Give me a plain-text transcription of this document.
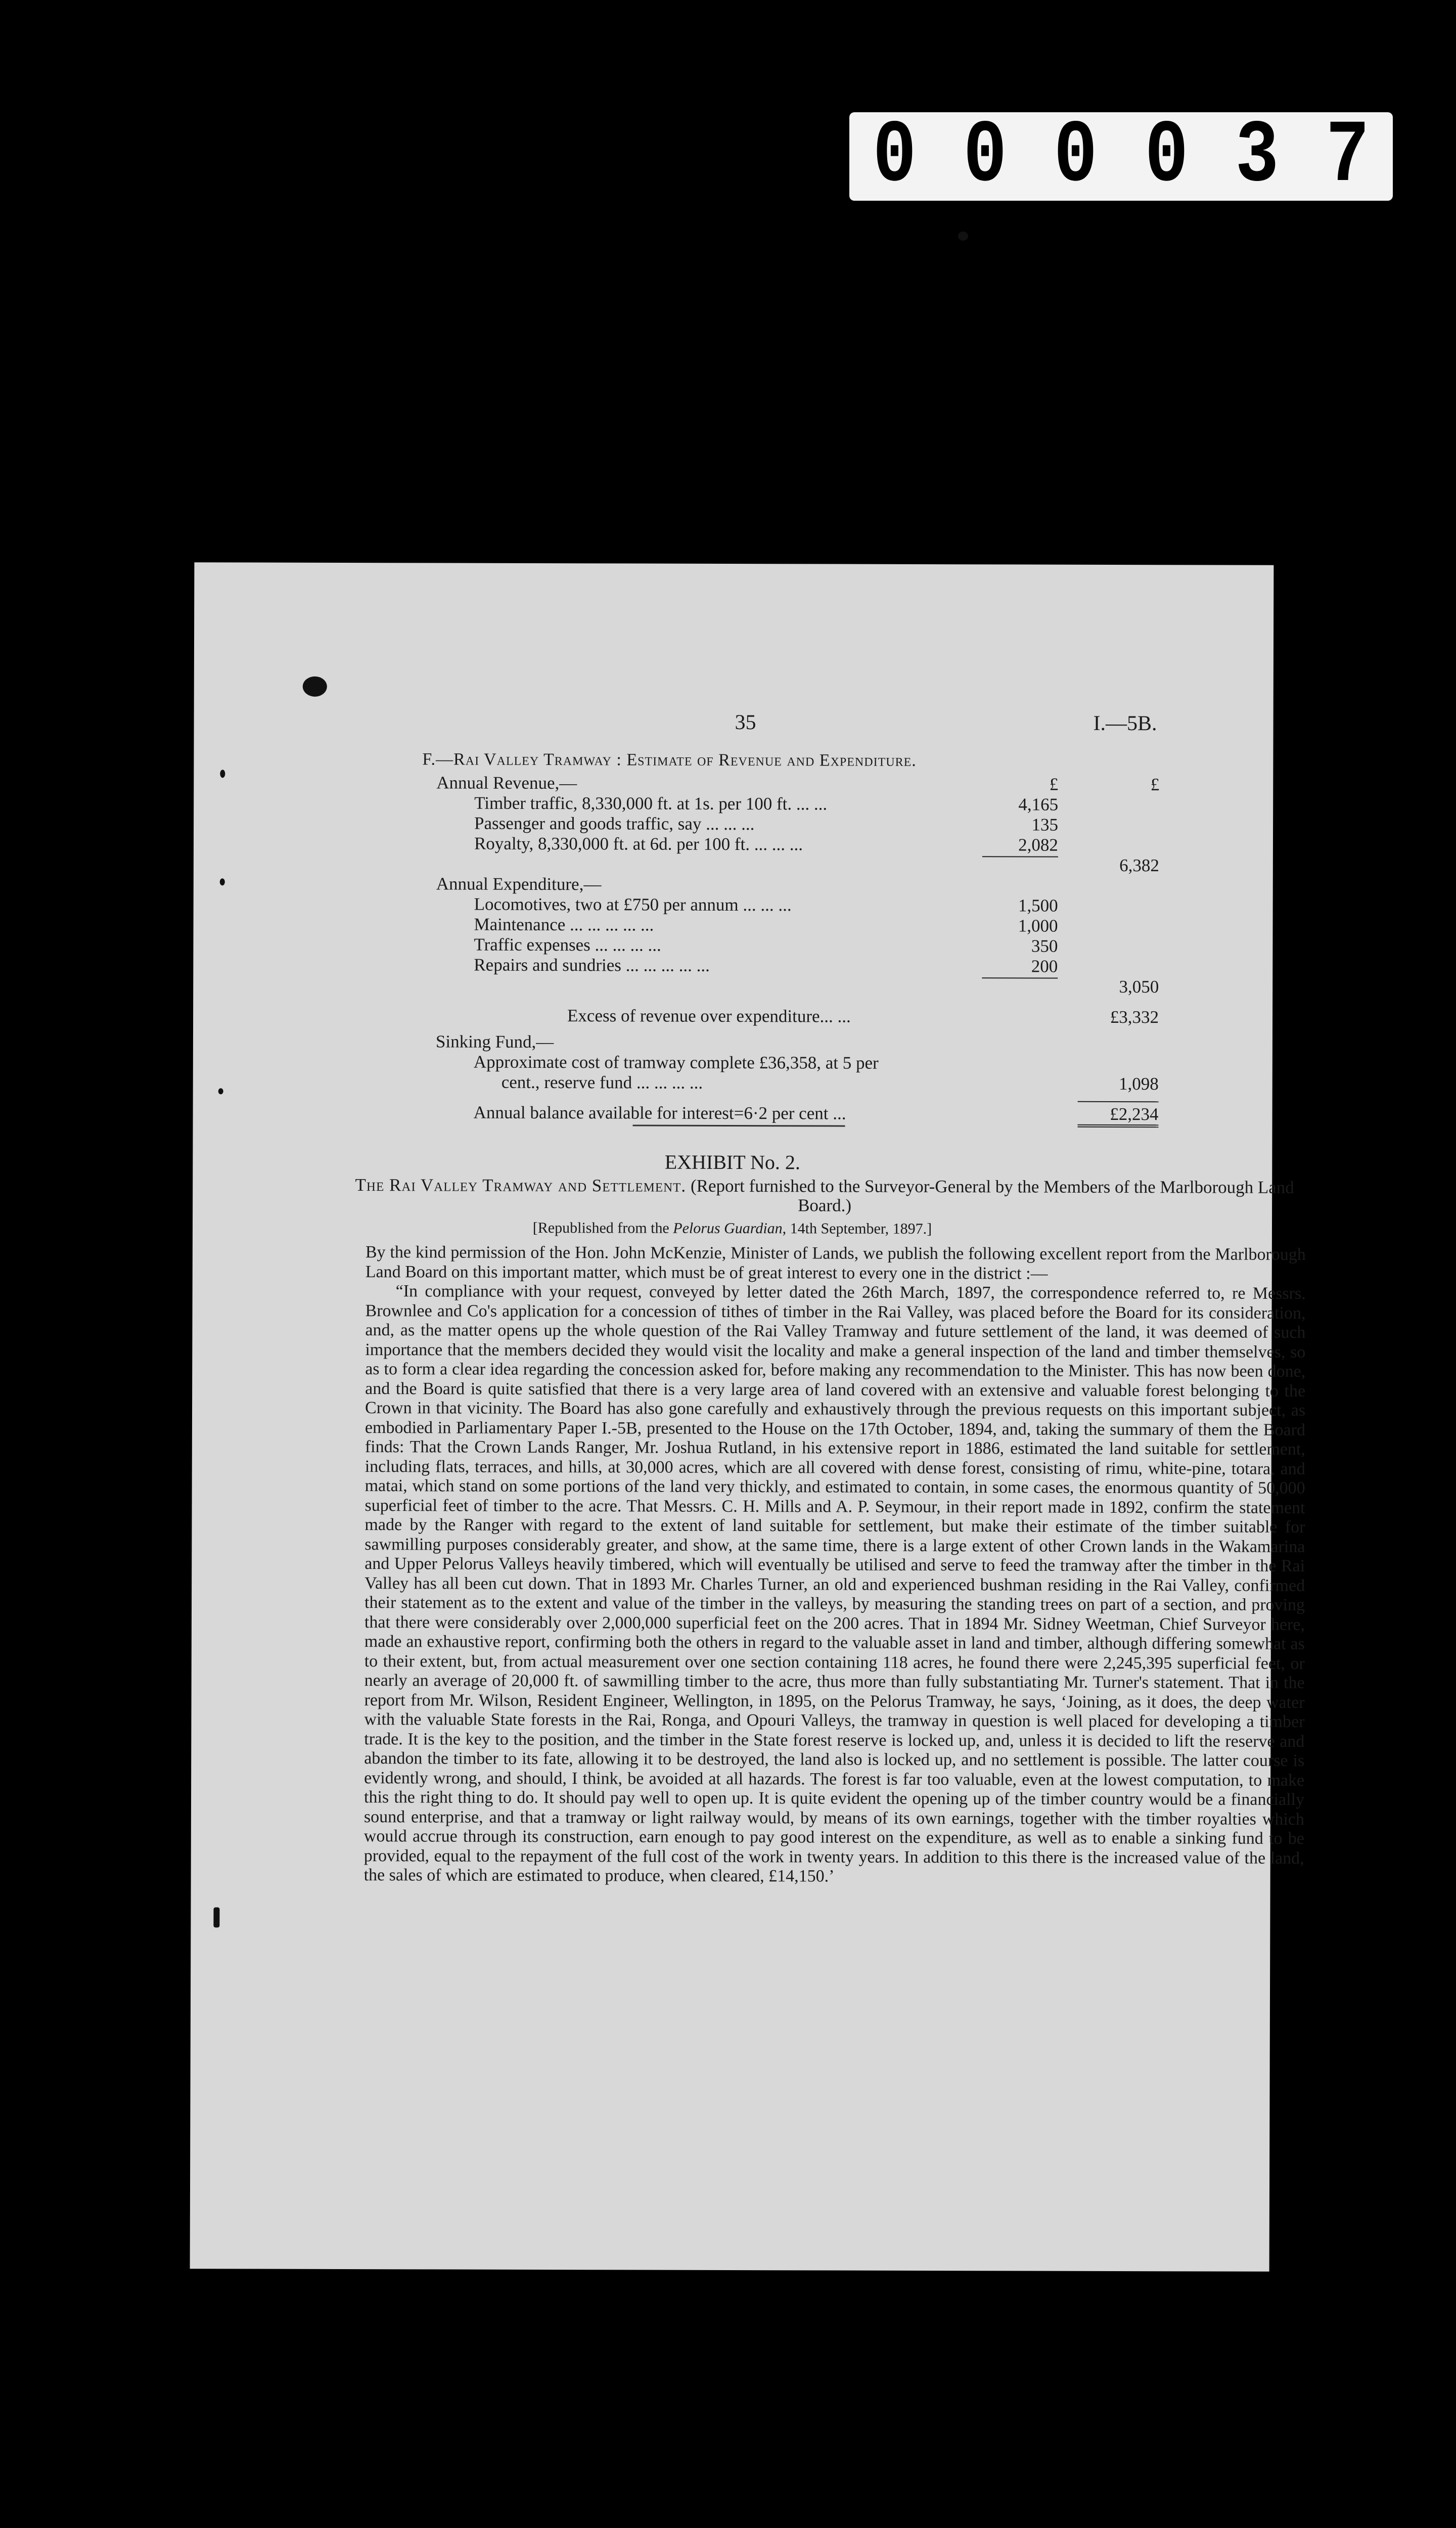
0 0 0 0 3 7
35	I.—5B.
F.—Rai Valley Tramway : Estimate of Revenue and Expenditure.
Annual Revenue,—	£	£
Timber traffic, 8,330,000 ft. at 1s. per 100 ft. ... ...	4,165
Passenger and goods traffic, say ... ... ...	135
Royalty, 8,330,000 ft. at 6d. per 100 ft. ... ... ...	2,082
6,382
Annual Expenditure,—
Locomotives, two at £750 per annum ... ... ...	1,500
Maintenance ... ... ... ... ...	1,000
Traffic expenses ... ... ... ...	350
Repairs and sundries ... ... ... ... ...	200
3,050
Excess of revenue over expenditure... ...	£3,332
Sinking Fund,—
Approximate cost of tramway complete £36,358, at 5 per
cent., reserve fund ... ... ... ...	1,098
Annual balance available for interest=6·2 per cent ...	£2,234
EXHIBIT No. 2.
The Rai Valley Tramway and Settlement. (Report furnished to the Surveyor-General by the Members of the Marlborough Land Board.)
[Republished from the Pelorus Guardian, 14th September, 1897.]

By the kind permission of the Hon. John McKenzie, Minister of Lands, we publish the following excellent report from the Marlborough Land Board on this important matter, which must be of great interest to every one in the district :—

“In compliance with your request, conveyed by letter dated the 26th March, 1897, the correspondence referred to, re Messrs. Brownlee and Co's application for a concession of tithes of timber in the Rai Valley, was placed before the Board for its consideration, and, as the matter opens up the whole question of the Rai Valley Tramway and future settlement of the land, it was deemed of such importance that the members decided they would visit the locality and make a general inspection of the land and timber themselves, so as to form a clear idea regarding the concession asked for, before making any recommendation to the Minister. This has now been done, and the Board is quite satisfied that there is a very large area of land covered with an extensive and valuable forest belonging to the Crown in that vicinity. The Board has also gone carefully and exhaustively through the previous requests on this important subject, as embodied in Parliamentary Paper I.-5B, presented to the House on the 17th October, 1894, and, taking the summary of them the Board finds: That the Crown Lands Ranger, Mr. Joshua Rutland, in his extensive report in 1886, estimated the land suitable for settlement, including flats, terraces, and hills, at 30,000 acres, which are all covered with dense forest, consisting of rimu, white-pine, totara, and matai, which stand on some portions of the land very thickly, and estimated to contain, in some cases, the enormous quantity of 50,000 superficial feet of timber to the acre. That Messrs. C. H. Mills and A. P. Seymour, in their report made in 1892, confirm the statement made by the Ranger with regard to the extent of land suitable for settlement, but make their estimate of the timber suitable for sawmilling purposes considerably greater, and show, at the same time, there is a large extent of other Crown lands in the Wakamarina and Upper Pelorus Valleys heavily timbered, which will eventually be utilised and serve to feed the tramway after the timber in the Rai Valley has all been cut down. That in 1893 Mr. Charles Turner, an old and experienced bushman residing in the Rai Valley, confirmed their statement as to the extent and value of the timber in the valleys, by measuring the standing trees on part of a section, and proving that there were considerably over 2,000,000 superficial feet on the 200 acres. That in 1894 Mr. Sidney Weetman, Chief Surveyor here, made an exhaustive report, confirming both the others in regard to the valuable asset in land and timber, although differing somewhat as to their extent, but, from actual measurement over one section containing 118 acres, he found there were 2,245,395 superficial feet, or nearly an average of 20,000 ft. of sawmilling timber to the acre, thus more than fully substantiating Mr. Turner's statement. That in the report from Mr. Wilson, Resident Engineer, Wellington, in 1895, on the Pelorus Tramway, he says, ‘Joining, as it does, the deep water with the valuable State forests in the Rai, Ronga, and Opouri Valleys, the tramway in question is well placed for developing a timber trade. It is the key to the position, and the timber in the State forest reserve is locked up, and, unless it is decided to lift the reserve and abandon the timber to its fate, allowing it to be destroyed, the land also is locked up, and no settlement is possible. The latter course is evidently wrong, and should, I think, be avoided at all hazards. The forest is far too valuable, even at the lowest computation, to make this the right thing to do. It should pay well to open up. It is quite evident the opening up of the timber country would be a financially sound enterprise, and that a tramway or light railway would, by means of its own earnings, together with the timber royalties which would accrue through its construction, earn enough to pay good interest on the expenditure, as well as to enable a sinking fund to be provided, equal to the repayment of the full cost of the work in twenty years. In addition to this there is the increased value of the land, the sales of which are estimated to produce, when cleared, £14,150.’
